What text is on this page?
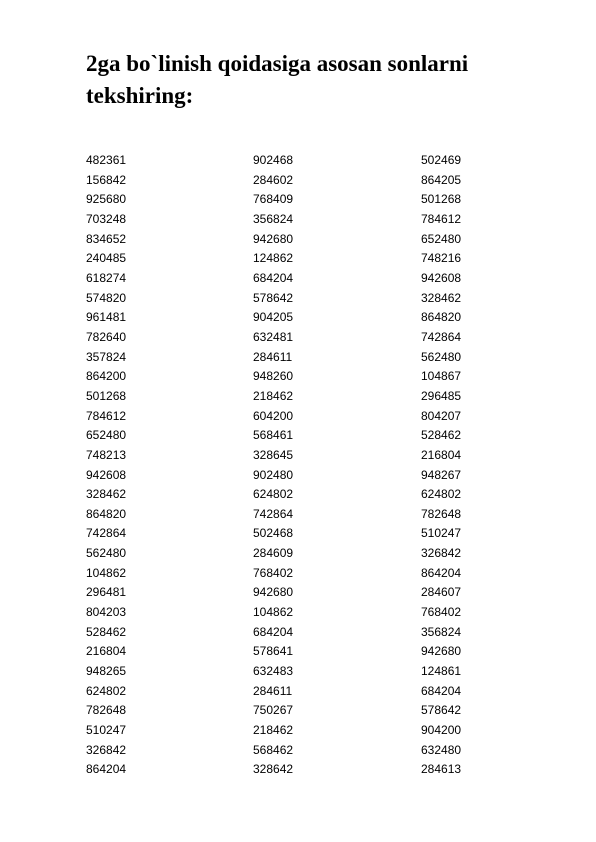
2ga bo`linish qoidasiga asosan sonlarni tekshiring:
482361
156842
925680
703248
834652
240485
618274
574820
961481
782640
357824
864200
501268
784612
652480
748213
942608
328462
864820
742864
562480
104862
296481
804203
528462
216804
948265
624802
782648
510247
326842
864204
902468
284602
768409
356824
942680
124862
684204
578642
904205
632481
284611
948260
218462
604200
568461
328645
902480
624802
742864
502468
284609
768402
942680
104862
684204
578641
632483
284611
750267
218462
568462
328642
502469
864205
501268
784612
652480
748216
942608
328462
864820
742864
562480
104867
296485
804207
528462
216804
948267
624802
782648
510247
326842
864204
284607
768402
356824
942680
124861
684204
578642
904200
632480
284613
